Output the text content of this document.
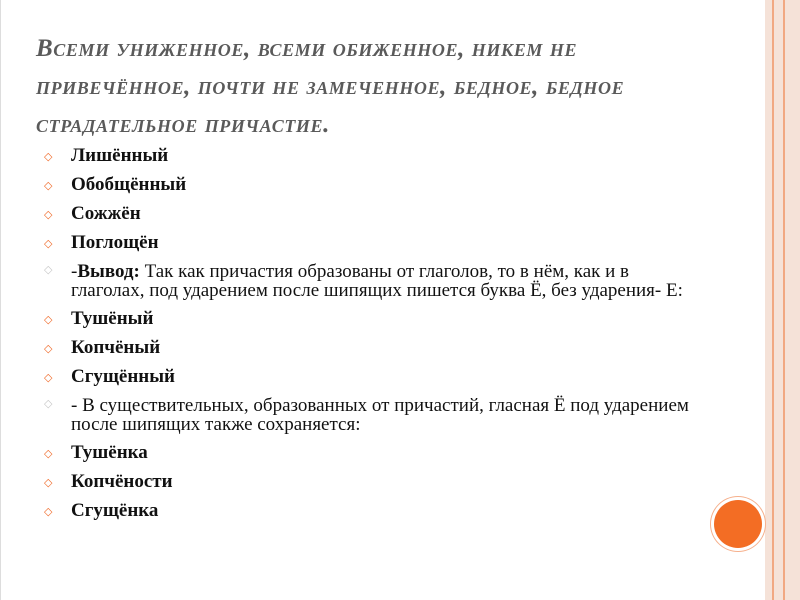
Всеми униженное, всеми обиженное, никем не привечённое, почти не замеченное, бедное, бедное страдательное причастие.
◇ Лишённый
◇ Обобщённый
◇ Сожжён
◇ Поглощён
◇ -Вывод: Так как причастия образованы от глаголов, то в нём, как и в глаголах, под ударением после шипящих пишется буква Ё, без ударения- Е:
◇ Тушёный
◇ Копчёный
◇ Сгущённый
◇ - В существительных, образованных от причастий, гласная Ё под ударением после шипящих также сохраняется:
◇ Тушёнка
◇ Копчёности
◇ Сгущёнка
